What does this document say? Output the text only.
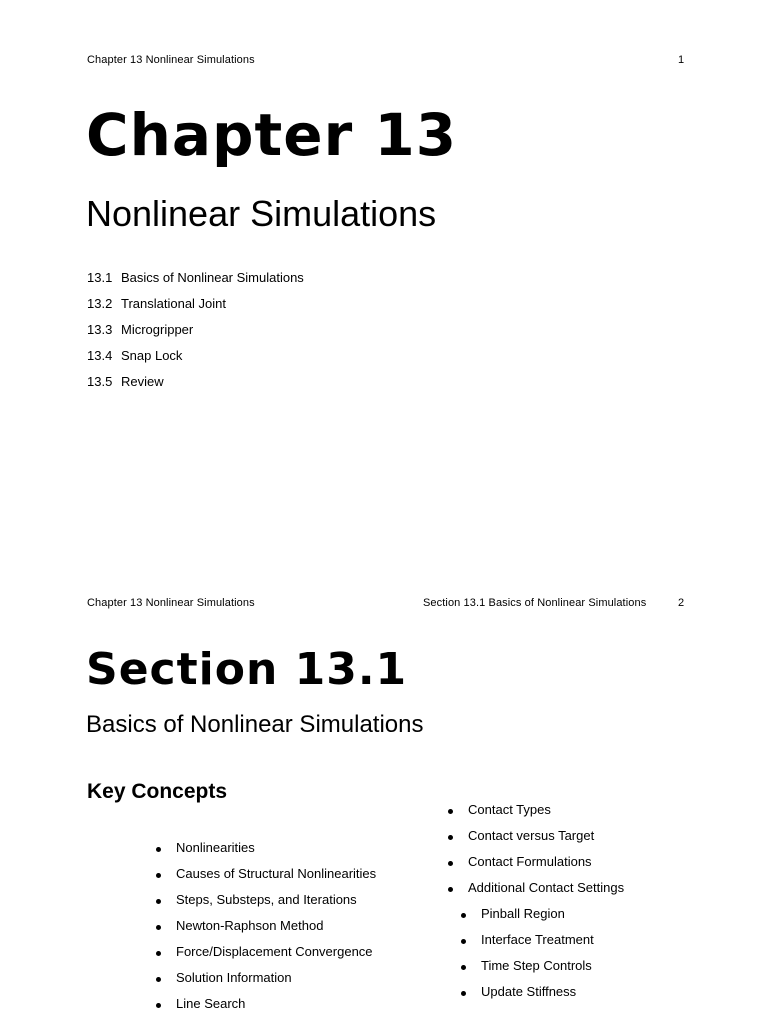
Chapter 13 Nonlinear Simulations	1
Chapter 13
Nonlinear Simulations
13.1 Basics of Nonlinear Simulations
13.2 Translational Joint
13.3 Microgripper
13.4 Snap Lock
13.5 Review
Chapter 13 Nonlinear Simulations	Section 13.1 Basics of Nonlinear Simulations	2
Section 13.1
Basics of Nonlinear Simulations
Key Concepts
Nonlinearities
Causes of Structural Nonlinearities
Steps, Substeps, and Iterations
Newton-Raphson Method
Force/Displacement Convergence
Solution Information
Line Search
Contact Types
Contact versus Target
Contact Formulations
Additional Contact Settings
Pinball Region
Interface Treatment
Time Step Controls
Update Stiffness
